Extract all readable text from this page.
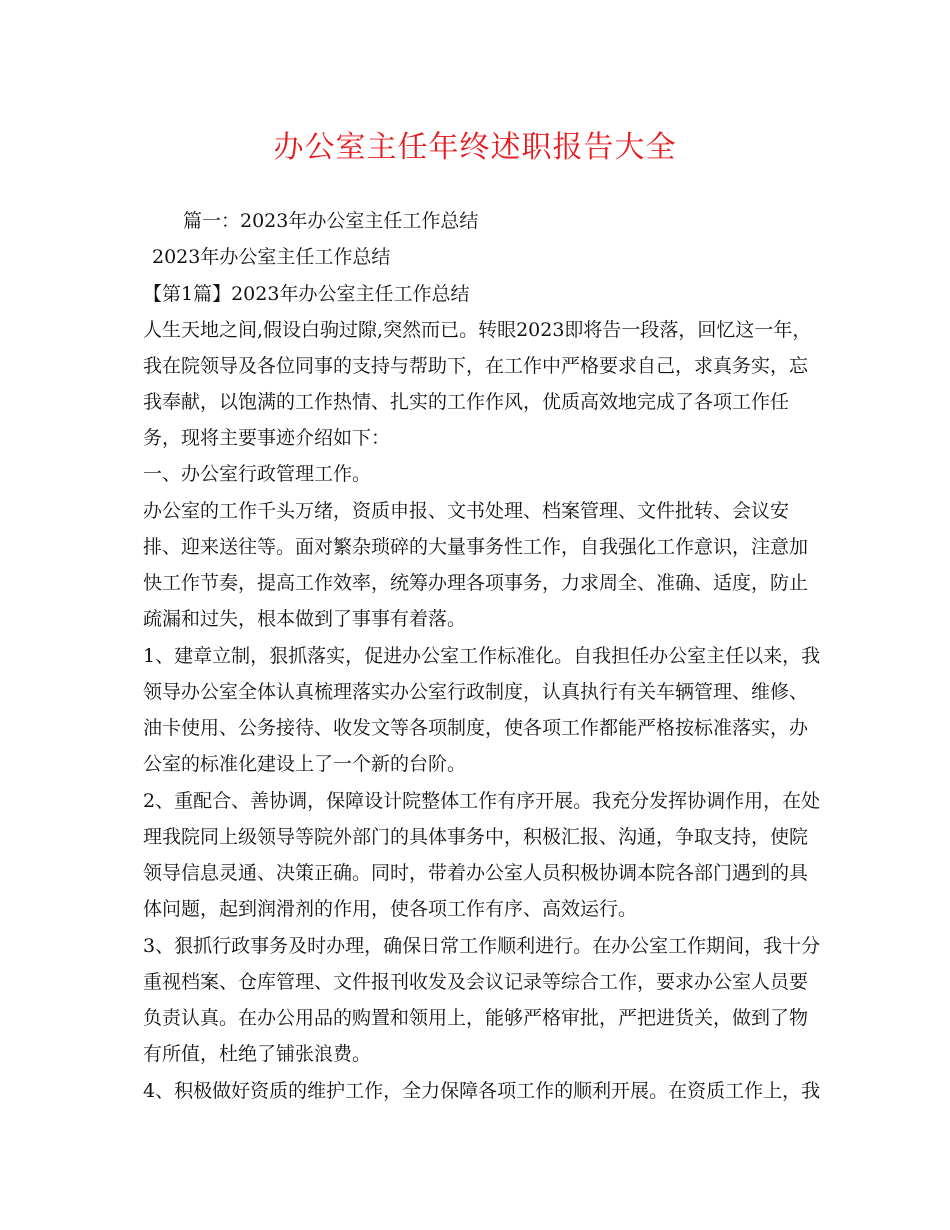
办公室主任年终述职报告大全
篇一：2023年办公室主任工作总结
2023年办公室主任工作总结
【第1篇】2023年办公室主任工作总结
人生天地之间,假设白驹过隙,突然而已。转眼2023即将告一段落，回忆这一年，
我在院领导及各位同事的支持与帮助下，在工作中严格要求自己，求真务实，忘
我奉献，以饱满的工作热情、扎实的工作作风，优质高效地完成了各项工作任
务，现将主要事迹介绍如下：
一、办公室行政管理工作。
办公室的工作千头万绪，资质申报、文书处理、档案管理、文件批转、会议安
排、迎来送往等。面对繁杂琐碎的大量事务性工作，自我强化工作意识，注意加
快工作节奏，提高工作效率，统筹办理各项事务，力求周全、准确、适度，防止
疏漏和过失，根本做到了事事有着落。
1、建章立制，狠抓落实，促进办公室工作标准化。自我担任办公室主任以来，我
领导办公室全体认真梳理落实办公室行政制度，认真执行有关车辆管理、维修、
油卡使用、公务接待、收发文等各项制度，使各项工作都能严格按标准落实，办
公室的标准化建设上了一个新的台阶。
2、重配合、善协调，保障设计院整体工作有序开展。我充分发挥协调作用，在处
理我院同上级领导等院外部门的具体事务中，积极汇报、沟通，争取支持，使院
领导信息灵通、决策正确。同时，带着办公室人员积极协调本院各部门遇到的具
体问题，起到润滑剂的作用，使各项工作有序、高效运行。
3、狠抓行政事务及时办理，确保日常工作顺利进行。在办公室工作期间，我十分
重视档案、仓库管理、文件报刊收发及会议记录等综合工作，要求办公室人员要
负责认真。在办公用品的购置和领用上，能够严格审批，严把进货关，做到了物
有所值，杜绝了铺张浪费。
4、积极做好资质的维护工作，全力保障各项工作的顺利开展。在资质工作上，我
